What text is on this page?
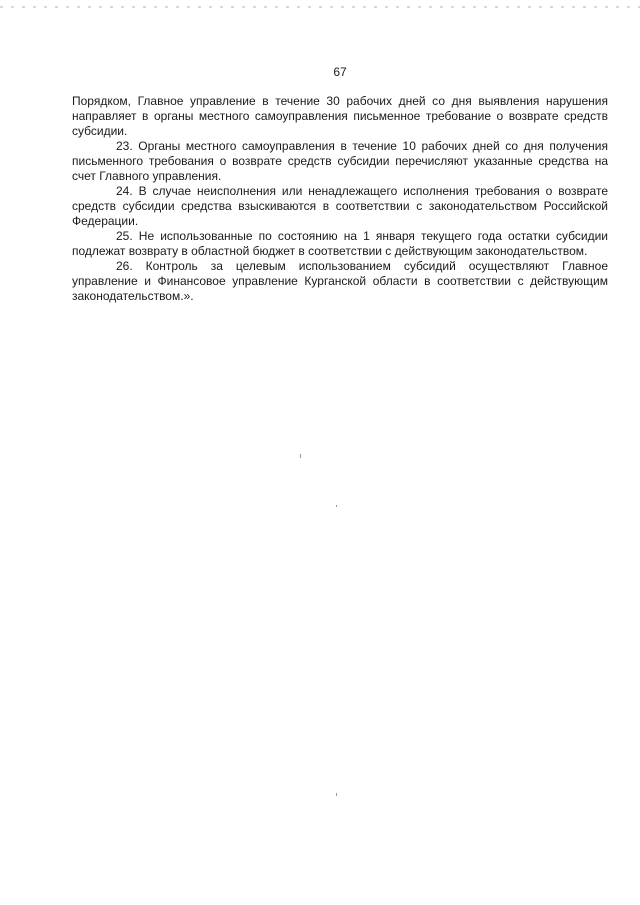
67

Порядком, Главное управление в течение 30 рабочих дней со дня выявления нарушения направляет в органы местного самоуправления письменное требование о возврате средств субсидии.

23. Органы местного самоуправления в течение 10 рабочих дней со дня получения письменного требования о возврате средств субсидии перечисляют указанные средства на счет Главного управления.

24. В случае неисполнения или ненадлежащего исполнения требования о возврате средств субсидии средства взыскиваются в соответствии с законодательством Российской Федерации.

25. Не использованные по состоянию на 1 января текущего года остатки субсидии подлежат возврату в областной бюджет в соответствии с действующим законодательством.

26. Контроль за целевым использованием субсидий осуществляют Главное управление и Финансовое управление Курганской области в соответствии с действующим законодательством.».
